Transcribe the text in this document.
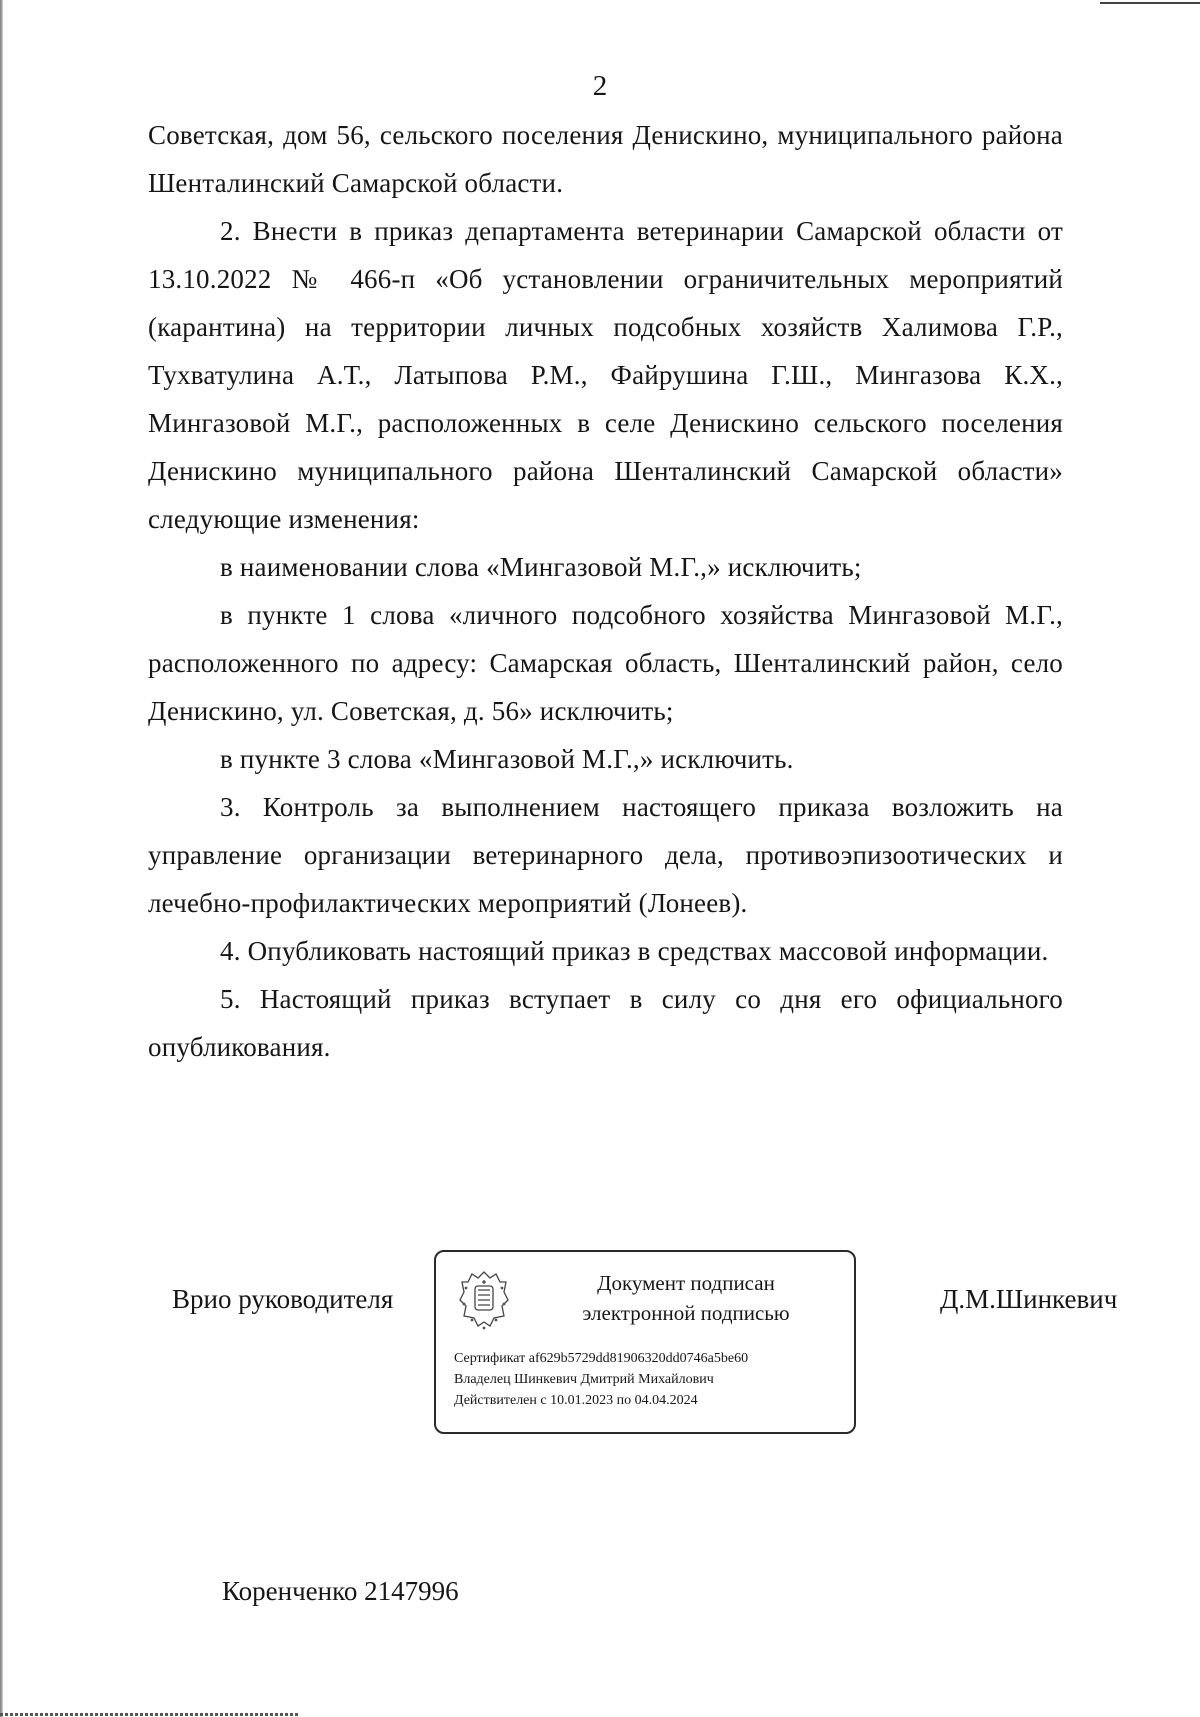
2

Советская, дом 56, сельского поселения Денискино, муниципального района Шенталинский Самарской области.

2. Внести в приказ департамента ветеринарии Самарской области от 13.10.2022 № 466-п «Об установлении ограничительных мероприятий (карантина) на территории личных подсобных хозяйств Халимова Г.Р., Тухватулина А.Т., Латыпова Р.М., Файрушина Г.Ш., Мингазова К.Х., Мингазовой М.Г., расположенных в селе Денискино сельского поселения Денискино муниципального района Шенталинский Самарской области» следующие изменения:

в наименовании слова «Мингазовой М.Г.,» исключить;

в пункте 1 слова «личного подсобного хозяйства Мингазовой М.Г., расположенного по адресу: Самарская область, Шенталинский район, село Денискино, ул. Советская, д. 56» исключить;

в пункте 3 слова «Мингазовой М.Г.,» исключить.

3. Контроль за выполнением настоящего приказа возложить на управление организации ветеринарного дела, противоэпизоотических и лечебно-профилактических мероприятий (Лонеев).

4. Опубликовать настоящий приказ в средствах массовой информации.

5. Настоящий приказ вступает в силу со дня его официального опубликования.

Врио руководителя
Документ подписан
электронной подписью
Сертификат af629b5729dd81906320dd0746a5be60
Владелец Шинкевич Дмитрий Михайлович
Действителен с 10.01.2023 по 04.04.2024
Д.М.Шинкевич
Коренченко 2147996
